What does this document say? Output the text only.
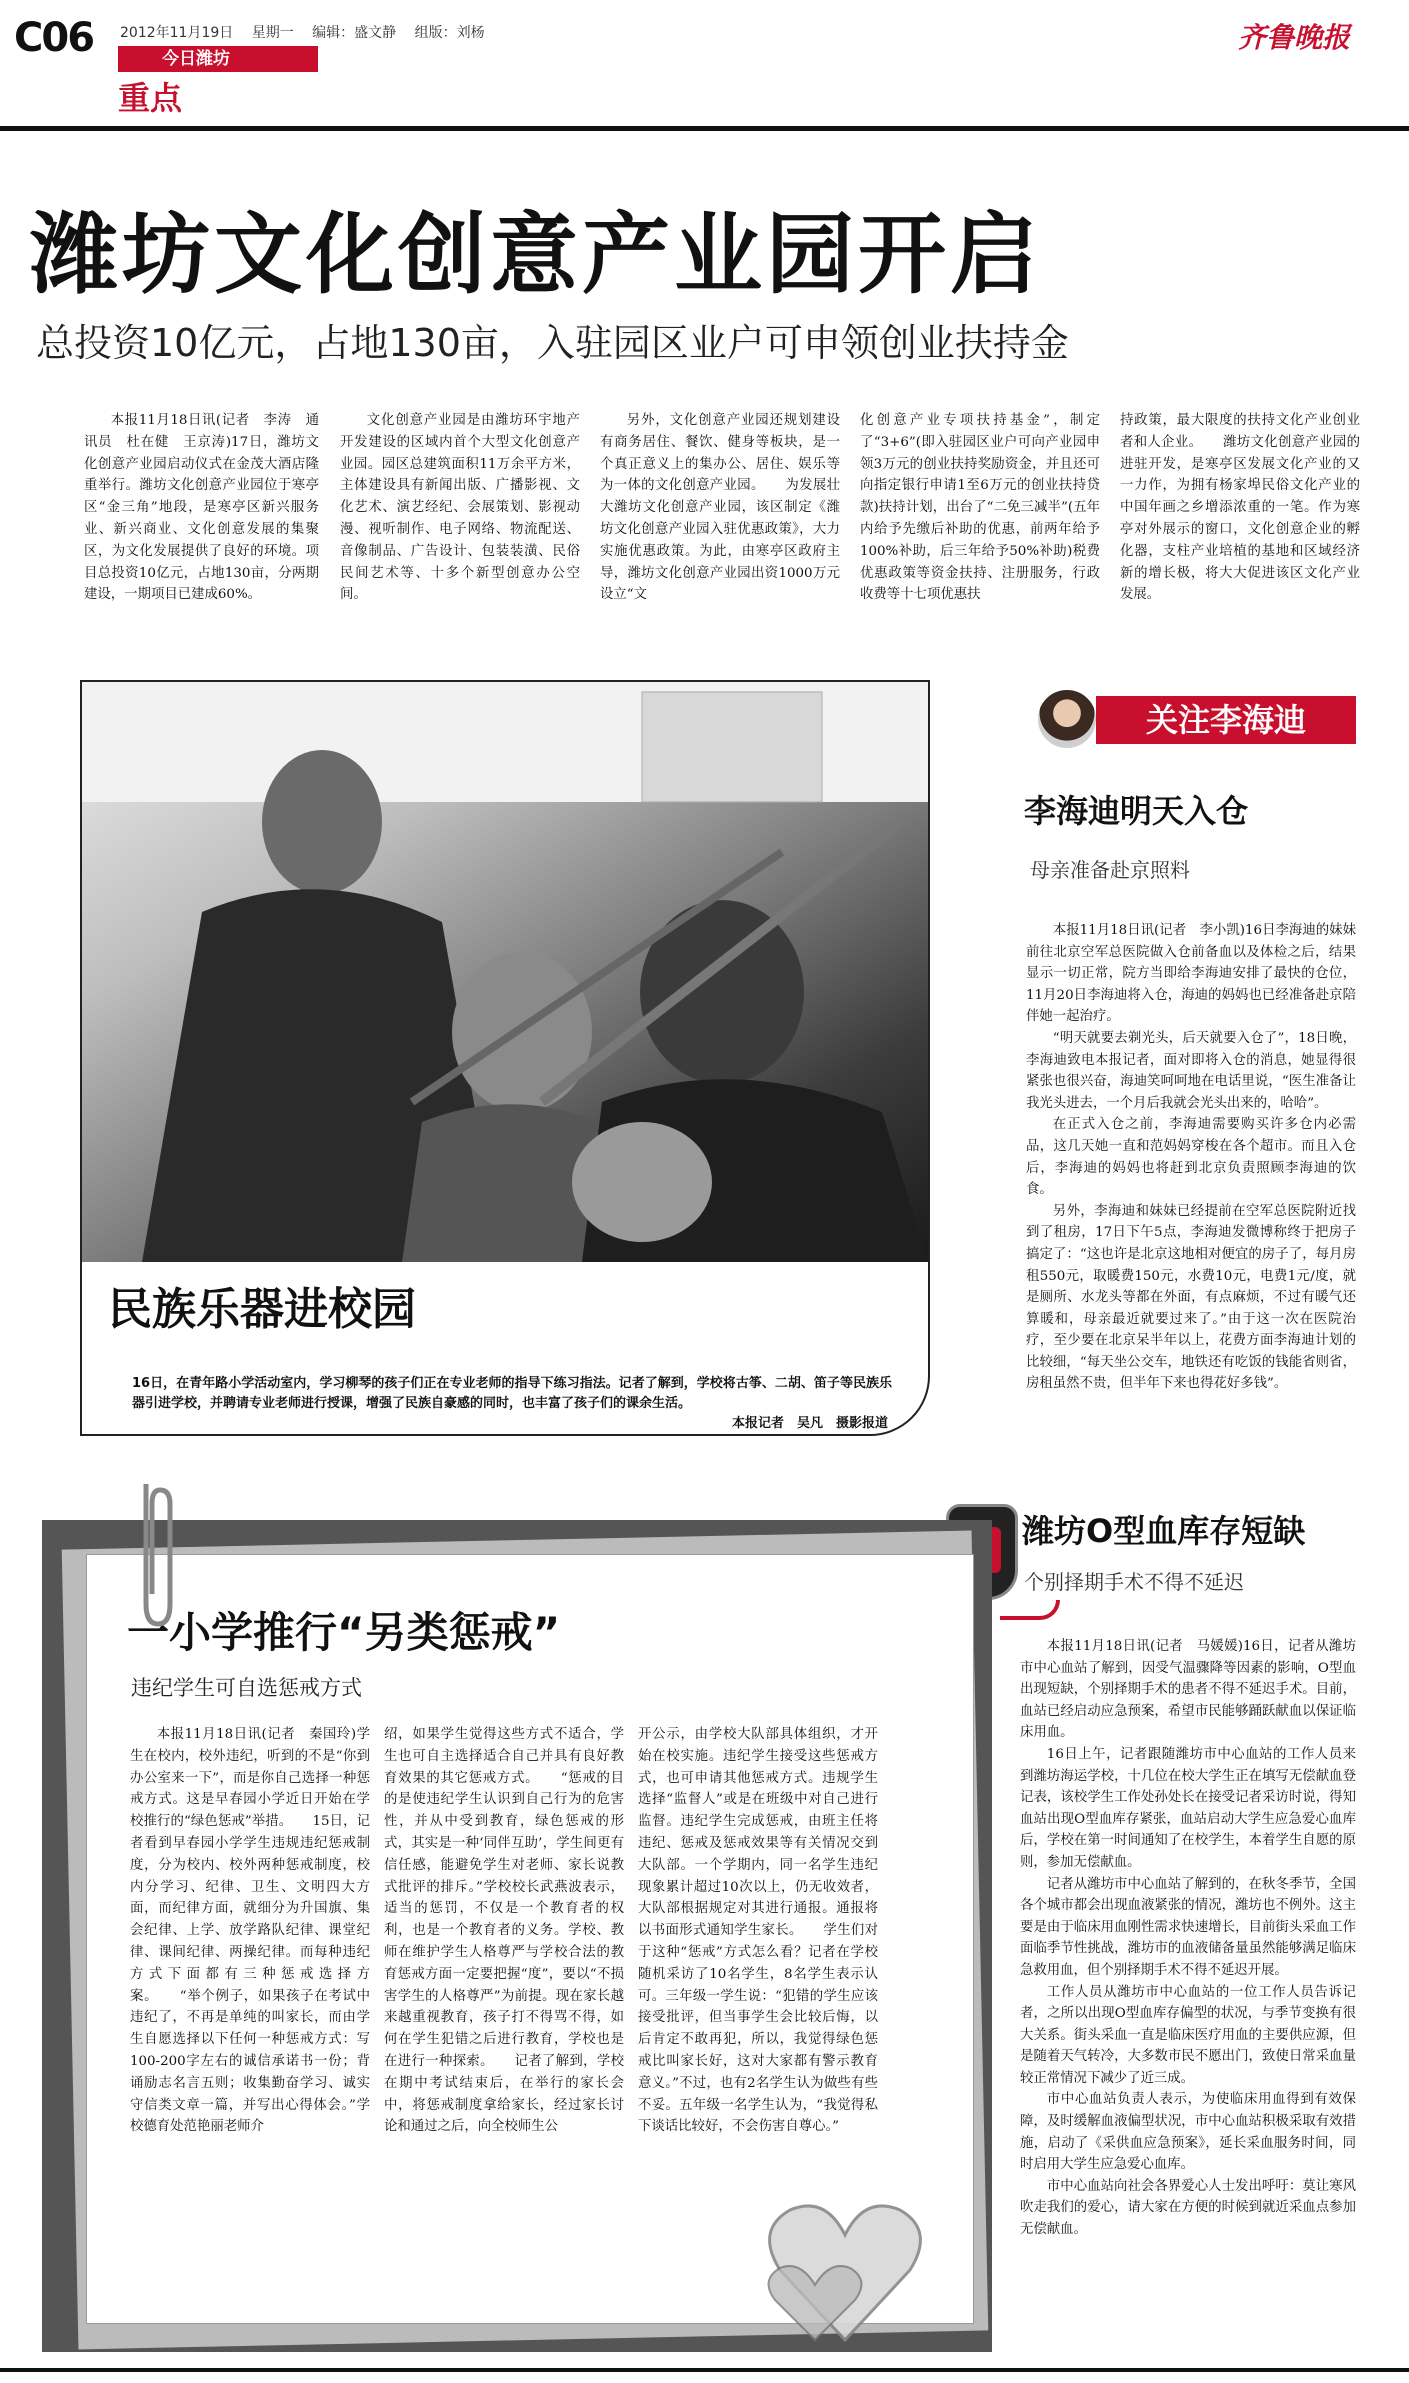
C06 2012年11月19日　 星期一　 编辑：盛文静　 组版：刘杨
今日潍坊
重点
齐鲁晚报
潍坊文化创意产业园开启
总投资10亿元，占地130亩，入驻园区业户可申领创业扶持金

本报11月18日讯(记者　李涛　通讯员　杜在健　王京涛)17日，潍坊文化创意产业园启动仪式在金茂大酒店隆重举行。潍坊文化创意产业园位于寒亭区“金三角”地段，是寒亭区新兴服务业、新兴商业、文化创意发展的集聚区，为文化发展提供了良好的环境。项目总投资10亿元，占地130亩，分两期建设，一期项目已建成60%。

文化创意产业园是由潍坊环宇地产开发建设的区域内首个大型文化创意产业园。园区总建筑面积11万余平方米，主体建设具有新闻出版、广播影视、文化艺术、演艺经纪、会展策划、影视动漫、视听制作、电子网络、物流配送、音像制品、广告设计、包装装潢、民俗民间艺术等、十多个新型创意办公空间。

另外，文化创意产业园还规划建设有商务居住、餐饮、健身等板块，是一个真正意义上的集办公、居住、娱乐等为一体的文化创意产业园。　　为发展壮大潍坊文化创意产业园，该区制定《潍坊文化创意产业园入驻优惠政策》，大力实施优惠政策。为此，由寒亭区政府主导，潍坊文化创意产业园出资1000万元设立“文

化创意产业专项扶持基金”，制定了“3+6”(即入驻园区业户可向产业园申领3万元的创业扶持奖励资金，并且还可向指定银行申请1至6万元的创业扶持贷款)扶持计划，出台了“二免三减半”(五年内给予先缴后补助的优惠，前两年给予100%补助，后三年给予50%补助)税费优惠政策等资金扶持、注册服务，行政收费等十七项优惠扶

持政策，最大限度的扶持文化产业创业者和人企业。　　潍坊文化创意产业园的进驻开发，是寒亭区发展文化产业的又一力作，为拥有杨家埠民俗文化产业的中国年画之乡增添浓重的一笔。作为寒亭对外展示的窗口，文化创意企业的孵化器，支柱产业培植的基地和区域经济新的增长极，将大大促进该区文化产业发展。

民族乐器进校园
16日，在青年路小学活动室内，学习柳琴的孩子们正在专业老师的指导下练习指法。记者了解到，学校将古筝、二胡、笛子等民族乐器引进学校，并聘请专业老师进行授课，增强了民族自豪感的同时，也丰富了孩子们的课余生活。
本报记者　吴凡　摄影报道
关注李海迪
李海迪明天入仓
母亲准备赴京照料

本报11月18日讯(记者　李小凯)16日李海迪的妹妹前往北京空军总医院做入仓前备血以及体检之后，结果显示一切正常，院方当即给李海迪安排了最快的仓位，11月20日李海迪将入仓，海迪的妈妈也已经准备赴京陪伴她一起治疗。

“明天就要去剃光头，后天就要入仓了”，18日晚，李海迪致电本报记者，面对即将入仓的消息，她显得很紧张也很兴奋，海迪笑呵呵地在电话里说，“医生准备让我光头进去，一个月后我就会光头出来的，哈哈”。

在正式入仓之前，李海迪需要购买许多仓内必需品，这几天她一直和范妈妈穿梭在各个超市。而且入仓后，李海迪的妈妈也将赶到北京负责照顾李海迪的饮食。

另外，李海迪和妹妹已经提前在空军总医院附近找到了租房，17日下午5点，李海迪发微博称终于把房子搞定了：“这也许是北京这地相对便宜的房子了，每月房租550元，取暖费150元，水费10元，电费1元/度，就是厕所、水龙头等都在外面，有点麻烦，不过有暖气还算暖和，母亲最近就要过来了。”由于这一次在医院治疗，至少要在北京呆半年以上，花费方面李海迪计划的比较细，“每天坐公交车，地铁还有吃饭的钱能省则省，房租虽然不贵，但半年下来也得花好多钱”。

潍坊O型血库存短缺
个别择期手术不得不延迟

本报11月18日讯(记者　马媛媛)16日，记者从潍坊市中心血站了解到，因受气温骤降等因素的影响，O型血出现短缺，个别择期手术的患者不得不延迟手术。目前，血站已经启动应急预案，希望市民能够踊跃献血以保证临床用血。

16日上午，记者跟随潍坊市中心血站的工作人员来到潍坊海运学校，十几位在校大学生正在填写无偿献血登记表，该校学生工作处孙处长在接受记者采访时说，得知血站出现O型血库存紧张，血站启动大学生应急爱心血库后，学校在第一时间通知了在校学生，本着学生自愿的原则，参加无偿献血。

记者从潍坊市中心血站了解到的，在秋冬季节，全国各个城市都会出现血液紧张的情况，潍坊也不例外。这主要是由于临床用血刚性需求快速增长，目前街头采血工作面临季节性挑战，潍坊市的血液储备量虽然能够满足临床急救用血，但个别择期手术不得不延迟开展。

工作人员从潍坊市中心血站的一位工作人员告诉记者，之所以出现O型血库存偏型的状况，与季节变换有很大关系。街头采血一直是临床医疗用血的主要供应源，但是随着天气转冷，大多数市民不愿出门，致使日常采血量较正常情况下减少了近三成。

市中心血站负责人表示，为使临床用血得到有效保障，及时缓解血液偏型状况，市中心血站积极采取有效措施，启动了《采供血应急预案》，延长采血服务时间，同时启用大学生应急爱心血库。

市中心血站向社会各界爱心人士发出呼吁：莫让寒风吹走我们的爱心，请大家在方便的时候到就近采血点参加无偿献血。

一小学推行“另类惩戒”
违纪学生可自选惩戒方式

本报11月18日讯(记者　秦国玲)学生在校内，校外违纪，听到的不是“你到办公室来一下”，而是你自己选择一种惩戒方式。这是早春园小学近日开始在学校推行的“绿色惩戒”举措。　　15日，记者看到早春园小学学生违规违纪惩戒制度，分为校内、校外两种惩戒制度，校内分学习、纪律、卫生、文明四大方面，而纪律方面，就细分为升国旗、集会纪律、上学、放学路队纪律、课堂纪律、课间纪律、两操纪律。而每种违纪方式下面都有三种惩戒选择方案。　　“举个例子，如果孩子在考试中违纪了，不再是单纯的叫家长，而由学生自愿选择以下任何一种惩戒方式：写100-200字左右的诚信承诺书一份；背诵励志名言五则；收集勤奋学习、诚实守信类文章一篇，并写出心得体会。”学校德育处范艳丽老师介

绍，如果学生觉得这些方式不适合，学生也可自主选择适合自己并具有良好教育效果的其它惩戒方式。　　“惩戒的目的是使违纪学生认识到自己行为的危害性，并从中受到教育，绿色惩戒的形式，其实是一种‘同伴互助’，学生间更有信任感，能避免学生对老师、家长说教式批评的排斥。”学校校长武燕波表示，适当的惩罚，不仅是一个教育者的权利，也是一个教育者的义务。学校、教师在维护学生人格尊严与学校合法的教育惩戒方面一定要把握“度”，要以“不损害学生的人格尊严”为前提。现在家长越来越重视教育，孩子打不得骂不得，如何在学生犯错之后进行教育，学校也是在进行一种探索。　　记者了解到，学校在期中考试结束后，在举行的家长会中，将惩戒制度拿给家长，经过家长讨论和通过之后，向全校师生公

开公示，由学校大队部具体组织，才开始在校实施。违纪学生接受这些惩戒方式，也可申请其他惩戒方式。违规学生选择“监督人”或是在班级中对自己进行监督。违纪学生完成惩戒，由班主任将违纪、惩戒及惩戒效果等有关情况交到大队部。一个学期内，同一名学生违纪现象累计超过10次以上，仍无收效者，大队部根据规定对其进行通报。通报将以书面形式通知学生家长。　　学生们对于这种“惩戒”方式怎么看？记者在学校随机采访了10名学生，8名学生表示认可。三年级一学生说：“犯错的学生应该接受批评，但当事学生会比较后悔，以后肯定不敢再犯，所以，我觉得绿色惩戒比叫家长好，这对大家都有警示教育意义。”不过，也有2名学生认为做些有些不妥。五年级一名学生认为，“我觉得私下谈话比较好，不会伤害自尊心。”
